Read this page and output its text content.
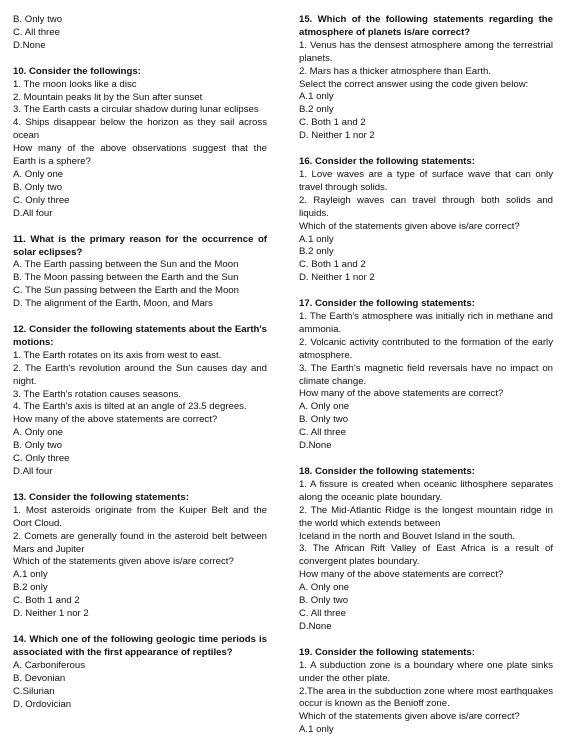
B. Only two

C. All three

D.None

10. Consider the followings:

1. The moon looks like a disc

2. Mountain peaks lit by the Sun after sunset

3. The Earth casts a circular shadow during lunar eclipses

4. Ships disappear below the horizon as they sail across ocean

How many of the above observations suggest that the Earth is a sphere?

A. Only one

B. Only two

C. Only three

D.All four

11. What is the primary reason for the occurrence of solar eclipses?

A. The Earth passing between the Sun and the Moon

B. The Moon passing between the Earth and the Sun

C. The Sun passing between the Earth and the Moon

D. The alignment of the Earth, Moon, and Mars

12. Consider the following statements about the Earth's motions:

1. The Earth rotates on its axis from west to east.

2. The Earth's revolution around the Sun causes day and night.

3. The Earth's rotation causes seasons.

4. The Earth's axis is tilted at an angle of 23.5 degrees.

How many of the above statements are correct?

A. Only one

B. Only two

C. Only three

D.All four

13. Consider the following statements:

1. Most asteroids originate from the Kuiper Belt and the Oort Cloud.

2. Comets are generally found in the asteroid belt between Mars and Jupiter

Which of the statements given above is/are correct?

A.1 only

B.2 only

C. Both 1 and 2

D. Neither 1 nor 2

14. Which one of the following geologic time periods is associated with the first appearance of reptiles?

A. Carboniferous

B. Devonian

C.Silurian

D. Ordovician

15. Which of the following statements regarding the atmosphere of planets is/are correct?

1. Venus has the densest atmosphere among the terrestrial planets.

2. Mars has a thicker atmosphere than Earth.

Select the correct answer using the code given below:

A.1 only

B.2 only

C. Both 1 and 2

D. Neither 1 nor 2

16. Consider the following statements:

1. Love waves are a type of surface wave that can only travel through solids.

2. Rayleigh waves can travel through both solids and liquids.

Which of the statements given above is/are correct?

A.1 only

B.2 only

C. Both 1 and 2

D. Neither 1 nor 2

17. Consider the following statements:

1. The Earth's atmosphere was initially rich in methane and ammonia.

2. Volcanic activity contributed to the formation of the early atmosphere.

3. The Earth's magnetic field reversals have no impact on climate change.

How many of the above statements are correct?

A. Only one

B. Only two

C. All three

D.None

18. Consider the following statements:

1. A fissure is created when oceanic lithosphere separates along the oceanic plate boundary.

2. The Mid-Atlantic Ridge is the longest mountain ridge in the world which extends between

Iceland in the north and Bouvet Island in the south.

3. The African Rift Valley of East Africa is a result of convergent plates boundary.

How many of the above statements are correct?

A. Only one

B. Only two

C. All three

D.None

19. Consider the following statements:

1. A subduction zone is a boundary where one plate sinks under the other plate.

2.The area in the subduction zone where most earthquakes occur is known as the Benioff zone.

Which of the statements given above is/are correct?

A.1 only
